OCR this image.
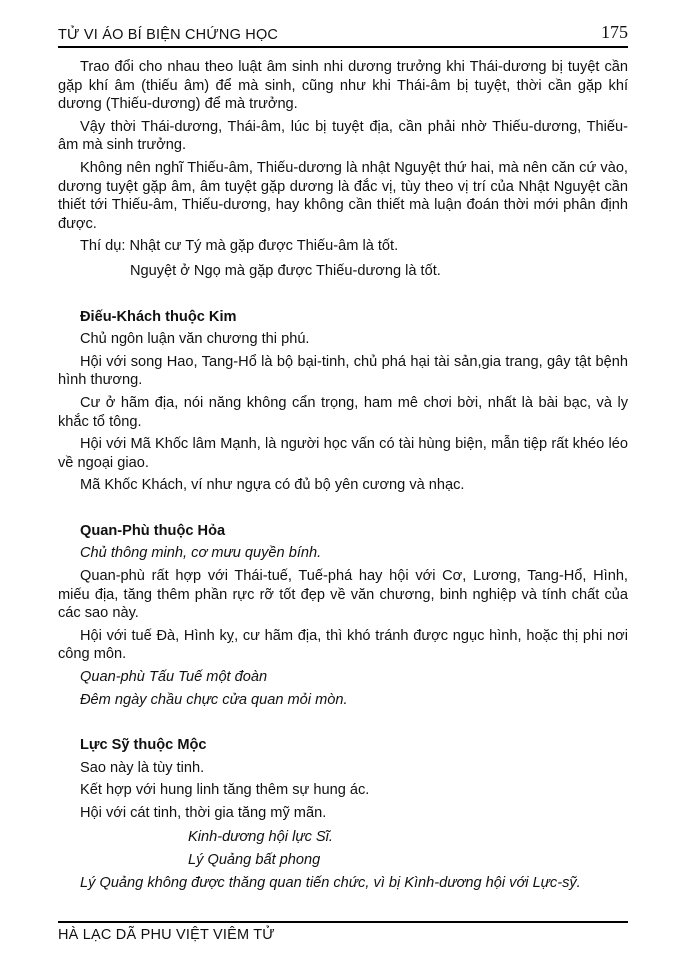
TỬ VI ÁO BÍ BIỆN CHỨNG HỌC	175

Trao đổi cho nhau theo luật âm sinh nhi dương trưởng khi Thái-dương bị tuyệt cần gặp khí âm (thiếu âm) để mà sinh, cũng như khi Thái-âm bị tuyệt, thời cần gặp khí dương (Thiếu-dương) để mà trưởng.

Vậy thời Thái-dương, Thái-âm, lúc bị tuyệt địa, cần phải nhờ Thiếu-dương, Thiếu-âm mà sinh trưởng.

Không nên nghĩ Thiếu-âm, Thiếu-dương là nhật Nguyệt thứ hai, mà nên căn cứ vào, dương tuyệt gặp âm, âm tuyệt gặp dương là đắc vị, tùy theo vị trí của Nhật Nguyệt cần thiết tới Thiếu-âm, Thiếu-dương, hay không cần thiết mà luận đoán thời mới phân định được.

Thí dụ: Nhật cư Tý mà gặp được Thiếu-âm là tốt.

Nguyệt ở Ngọ mà gặp được Thiếu-dương là tốt.

Điếu-Khách thuộc Kim

Chủ ngôn luận văn chương thi phú.

Hội với song Hao, Tang-Hổ là bộ bại-tinh, chủ phá hại tài sản,gia trang, gây tật bệnh hình thương.

Cư ở hãm địa, nói năng không cẩn trọng, ham mê chơi bời, nhất là bài bạc, và ly khắc tổ tông.

Hội với Mã Khốc lâm Mạnh, là người học vấn có tài hùng biện, mẫn tiệp rất khéo léo về ngoại giao.

Mã Khốc Khách, ví như ngựa có đủ bộ yên cương và nhạc.

Quan-Phù thuộc Hỏa

Chủ thông minh, cơ mưu quyền bính.

Quan-phù rất hợp với Thái-tuế, Tuế-phá hay hội với Cơ, Lương, Tang-Hổ, Hình, miếu địa, tăng thêm phần rực rỡ tốt đẹp về văn chương, binh nghiệp và tính chất của các sao này.

Hội với tuế Đà, Hình kỵ, cư hãm địa, thì khó tránh được ngục hình, hoặc thị phi nơi công môn.

Quan-phù Tấu Tuế một đoàn

Đêm ngày chầu chực cửa quan mỏi mòn.

Lực Sỹ thuộc Mộc

Sao này là tùy tinh.

Kết hợp với hung linh tăng thêm sự hung ác.

Hội với cát tinh, thời gia tăng mỹ mãn.

Kinh-dương hội lực Sĩ.

Lý Quảng bất phong

Lý Quảng không được thăng quan tiến chức, vì bị Kình-dương hội với Lực-sỹ.

HÀ LẠC DÃ PHU VIỆT VIÊM TỬ
